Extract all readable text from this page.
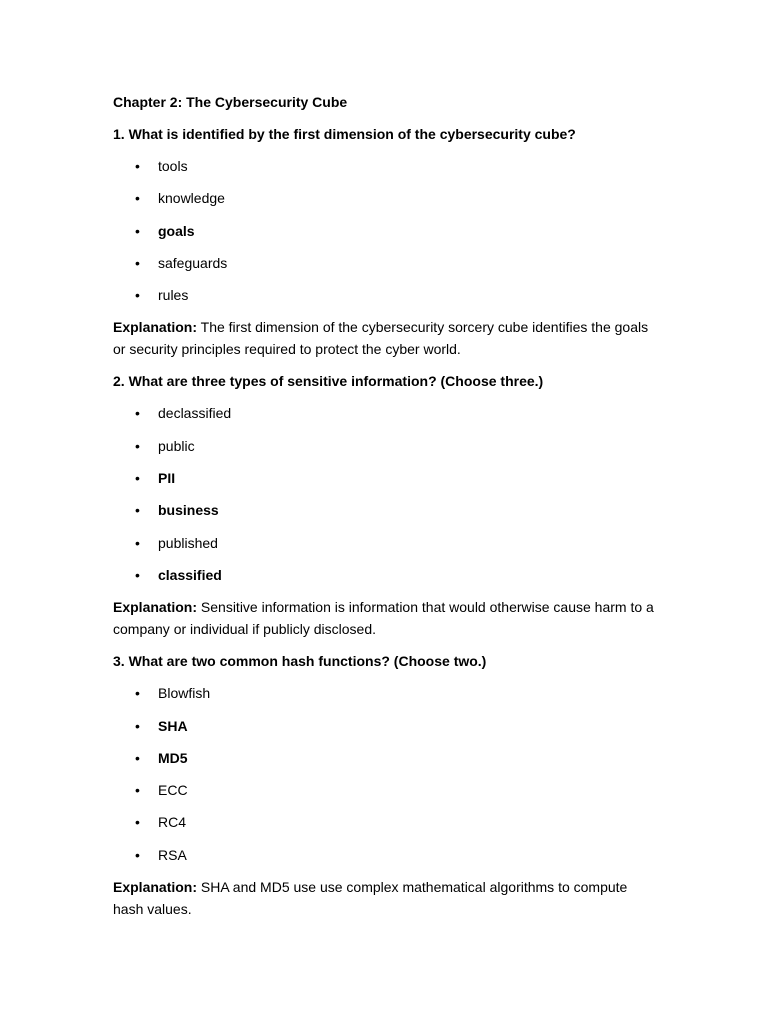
Chapter 2: The Cybersecurity Cube
1. What is identified by the first dimension of the cybersecurity cube?
• tools
• knowledge
• goals
• safeguards
• rules
Explanation: The first dimension of the cybersecurity sorcery cube identifies the goals or security principles required to protect the cyber world.
2. What are three types of sensitive information? (Choose three.)
• declassified
• public
• PII
• business
• published
• classified
Explanation: Sensitive information is information that would otherwise cause harm to a company or individual if publicly disclosed.
3. What are two common hash functions? (Choose two.)
• Blowfish
• SHA
• MD5
• ECC
• RC4
• RSA
Explanation: SHA and MD5 use use complex mathematical algorithms to compute hash values.
